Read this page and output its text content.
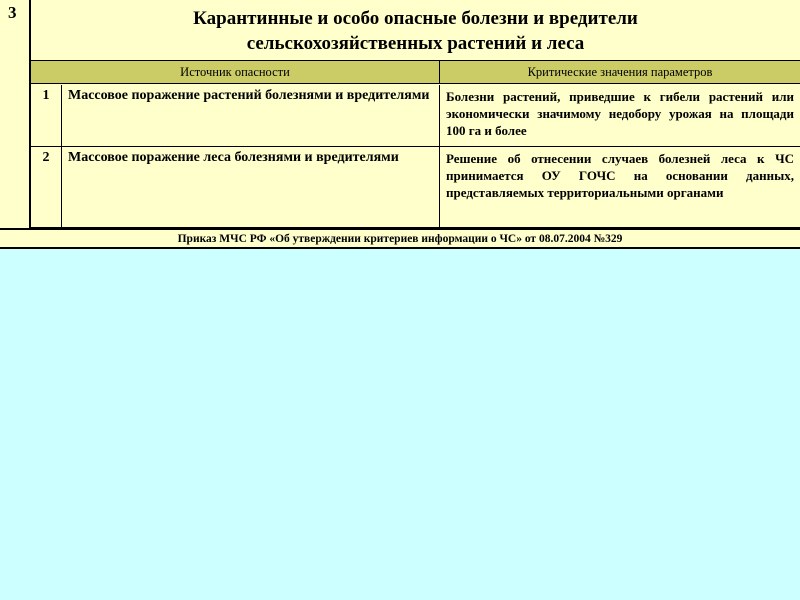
3	Карантинные и особо опасные болезни и вредители
сельскохозяйственных растений и леса
Источник опасности	Критические значения параметров
1	Массовое поражение растений болезнями и вредителями	Болезни растений, приведшие к гибели растений или экономически значимому недобору урожая на площади 100 га и более
2	Массовое поражение леса болезнями и вредителями	Решение об отнесении случаев болезней леса к ЧС принимается ОУ ГОЧС на основании данных, представляемых территориальными органами
Приказ МЧС РФ «Об утверждении критериев информации о ЧС» от 08.07.2004 №329
